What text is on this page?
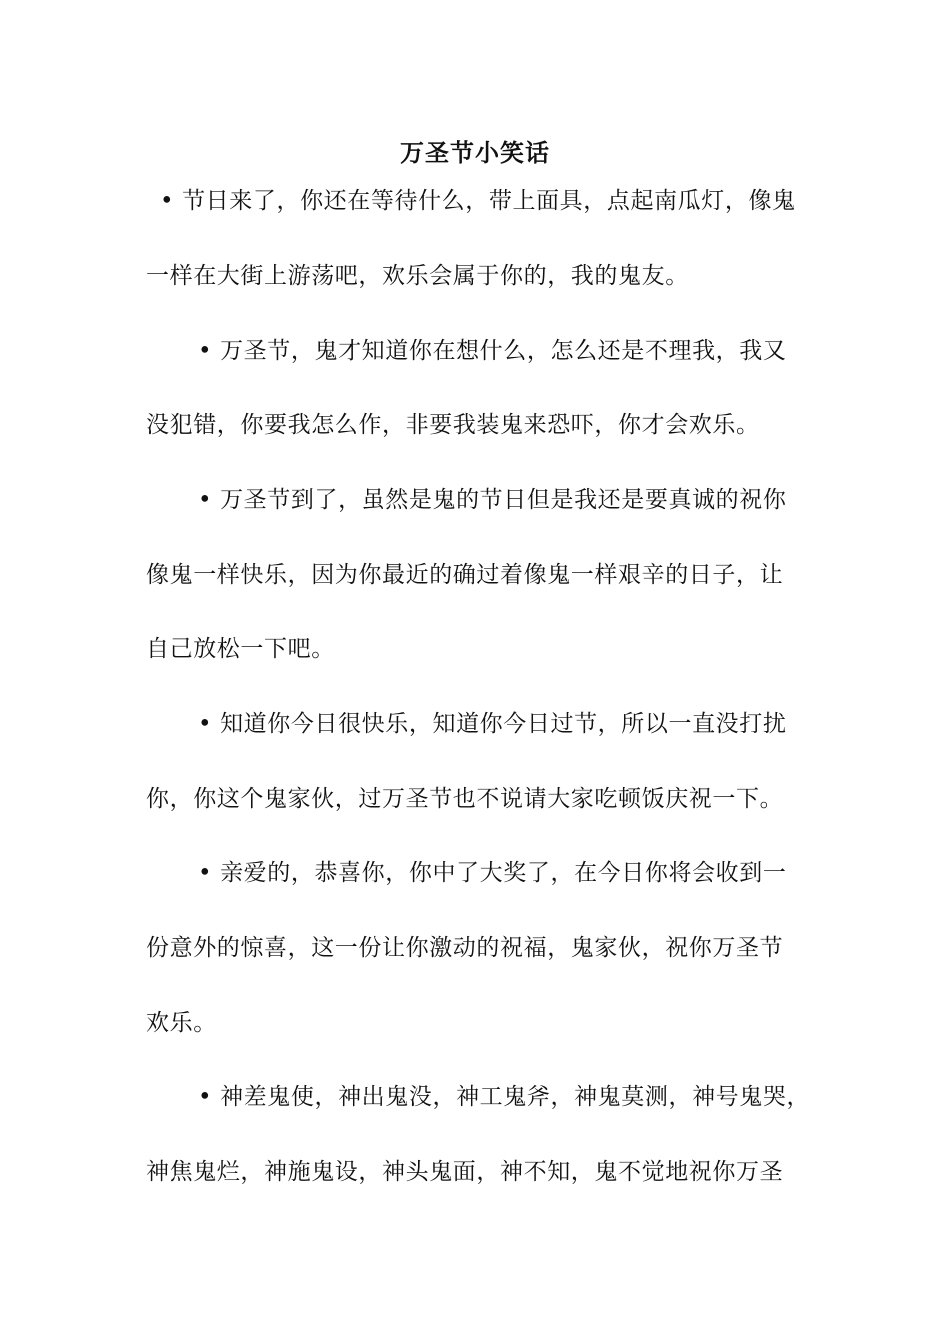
万圣节小笑话
• 节日来了，你还在等待什么，带上面具，点起南瓜灯，像鬼
一样在大街上游荡吧，欢乐会属于你的，我的鬼友。
• 万圣节，鬼才知道你在想什么，怎么还是不理我，我又
没犯错，你要我怎么作，非要我装鬼来恐吓，你才会欢乐。
• 万圣节到了，虽然是鬼的节日但是我还是要真诚的祝你
像鬼一样快乐，因为你最近的确过着像鬼一样艰辛的日子，让
自己放松一下吧。
• 知道你今日很快乐，知道你今日过节，所以一直没打扰
你，你这个鬼家伙，过万圣节也不说请大家吃顿饭庆祝一下。
• 亲爱的，恭喜你，你中了大奖了，在今日你将会收到一
份意外的惊喜，这一份让你激动的祝福，鬼家伙，祝你万圣节
欢乐。
• 神差鬼使，神出鬼没，神工鬼斧，神鬼莫测，神号鬼哭，
神焦鬼烂，神施鬼设，神头鬼面，神不知，鬼不觉地祝你万圣
